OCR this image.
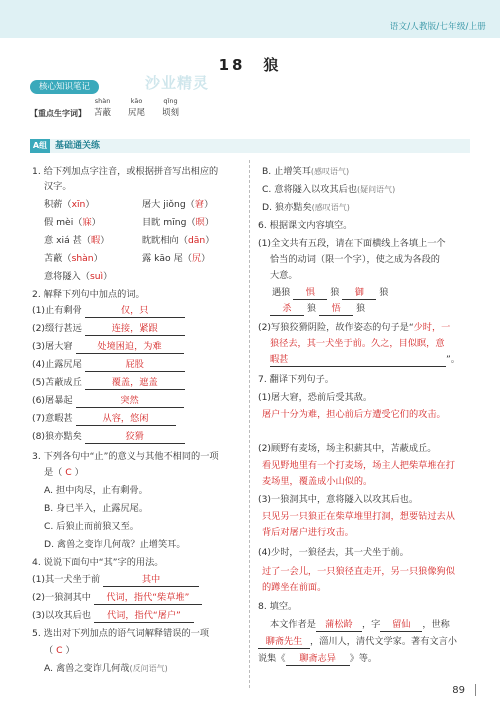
语文/人教版/七年级/上册
18　狼
核心知识笔记	沙业精灵
【重点生字词】
shàn
苫蔽
kāo
尻尾
qǐng
顷刻
A组 基础通关练
1. 给下列加点字注音，或根据拼音写出相应的
汉字。
积薪（xīn）	屠大 jiǒng（窘）
假 mèi（寐）	目眈 mīng（暝）
意 xiá 甚（暇）	眈眈相向（dān）
苫蔽（shàn）	露 kāo 尾（尻）
意将隧入（suì）
2. 解释下列句中加点的词。
(1)止有剩骨	仅，只
(2)缀行甚远	连接，紧跟
(3)屠大窘	处境困迫，为难
(4)止露尻尾	屁股
(5)苫蔽成丘	覆盖，遮盖
(6)屠暴起	突然
(7)意暇甚	从容，悠闲
(8)狼亦黠矣	狡猾
3. 下列各句中“止”的意义与其他不相同的一项
是（ C ）
A. 担中肉尽，止有剩骨。
B. 身已半入，止露尻尾。
C. 后狼止而前狼又至。
D. 禽兽之变诈几何哉？止增笑耳。
4. 说说下面句中“其”字的用法。
(1)其一犬坐于前	其中
(2)一狼洞其中 代词，指代“柴草堆”
(3)以攻其后也 代词，指代“屠户”
5. 选出对下列加点的语气词解释错误的一项
（ C ）
A. 禽兽之变诈几何哉(反问语气)
B. 止增笑耳(感叹语气)
C. 意将隧入以攻其后也(疑问语气)
D. 狼亦黠矣(感叹语气)
6. 根据课文内容填空。
(1)全文共有五段，请在下面横线上各填上一个
恰当的动词（限一个字），使之成为各段的
大意。
遇狼 惧 狼 御 狼
杀 狼 悟 狼
(2)写狼狡猾阴险，故作姿态的句子是“少时，一
狼径去，其一犬坐于前。久之，目似瞑，意
暇甚	”。
7. 翻译下列句子。
(1)屠大窘，恐前后受其敌。
屠户十分为难，担心前后方遭受它们的攻击。
(2)顾野有麦场，场主积薪其中，苫蔽成丘。
看见野地里有一个打麦场，场主人把柴草堆在打
麦场里，覆盖成小山似的。
(3)一狼洞其中，意将隧入以攻其后也。
只见另一只狼正在柴草堆里打洞，想要钻过去从
背后对屠户进行攻击。
(4)少时，一狼径去，其一犬坐于前。
过了一会儿，一只狼径直走开，另一只狼像狗似
的蹲坐在前面。
8. 填空。
本文作者是 蒲松龄 ，字 留仙 ，世称
聊斋先生 ，淄川人，清代文学家。著有文言小
说集《 聊斋志异 》等。
89
